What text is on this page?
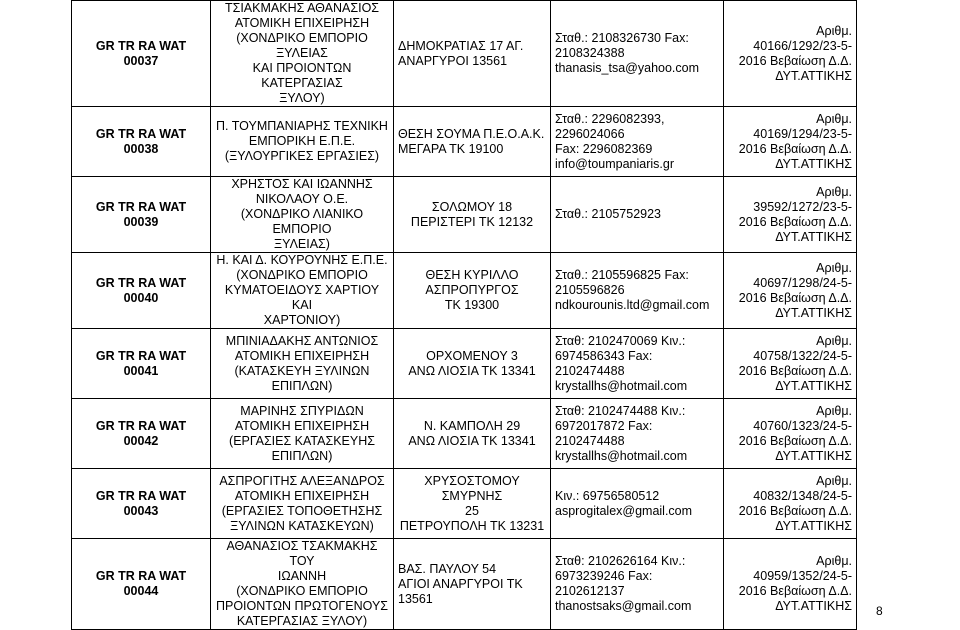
GR TR RA WAT
00037	ΤΣΙΑΚΜΑΚΗΣ ΑΘΑΝΑΣΙΟΣ
ΑΤΟΜΙΚΗ ΕΠΙΧΕΙΡΗΣΗ
(ΧΟΝΔΡΙΚΟ ΕΜΠΟΡΙΟ ΞΥΛΕΙΑΣ
ΚΑΙ ΠΡΟΙΟΝΤΩΝ ΚΑΤΕΡΓΑΣΙΑΣ
ΞΥΛΟΥ)	ΔΗΜΟΚΡΑΤΙΑΣ 17 ΑΓ.
ΑΝΑΡΓΥΡΟΙ 13561	Σταθ.: 2108326730 Fax:
2108324388
thanasis_tsa@yahoo.com	Αριθμ.
40166/1292/23-5-
2016 Βεβαίωση Δ.Δ.
ΔΥΤ.ΑΤΤΙΚΗΣ
GR TR RA WAT
00038	Π. ΤΟΥΜΠΑΝΙΑΡΗΣ ΤΕΧΝΙΚΗ
ΕΜΠΟΡΙΚΗ Ε.Π.Ε.
(ΞΥΛΟΥΡΓΙΚΕΣ ΕΡΓΑΣΙΕΣ)	ΘΕΣΗ ΣΟΥΜΑ Π.Ε.Ο.Α.Κ.
ΜΕΓΑΡΑ ΤΚ 19100	Σταθ.: 2296082393, 2296024066
Fax: 2296082369
info@toumpaniaris.gr	Αριθμ.
40169/1294/23-5-
2016 Βεβαίωση Δ.Δ.
ΔΥΤ.ΑΤΤΙΚΗΣ
GR TR RA WAT
00039	ΧΡΗΣΤΟΣ ΚΑΙ ΙΩΑΝΝΗΣ
ΝΙΚΟΛΑΟΥ Ο.Ε.
(ΧΟΝΔΡΙΚΟ ΛΙΑΝΙΚΟ ΕΜΠΟΡΙΟ
ΞΥΛΕΙΑΣ)	ΣΟΛΩΜΟΥ 18
ΠΕΡΙΣΤΕΡΙ ΤΚ 12132	Σταθ.: 2105752923	Αριθμ.
39592/1272/23-5-
2016 Βεβαίωση Δ.Δ.
ΔΥΤ.ΑΤΤΙΚΗΣ
GR TR RA WAT
00040	Η. ΚΑΙ Δ. ΚΟΥΡΟΥΝΗΣ Ε.Π.Ε.
(ΧΟΝΔΡΙΚΟ ΕΜΠΟΡΙΟ
ΚΥΜΑΤΟΕΙΔΟΥΣ ΧΑΡΤΙΟΥ ΚΑΙ
ΧΑΡΤΟΝΙΟΥ)	ΘΕΣΗ ΚΥΡΙΛΛΟ
ΑΣΠΡΟΠΥΡΓΟΣ
ΤΚ 19300	Σταθ.: 2105596825 Fax:
2105596826
ndkourounis.ltd@gmail.com	Αριθμ.
40697/1298/24-5-
2016 Βεβαίωση Δ.Δ.
ΔΥΤ.ΑΤΤΙΚΗΣ
GR TR RA WAT
00041	ΜΠΙΝΙΑΔΑΚΗΣ ΑΝΤΩΝΙΟΣ
ΑΤΟΜΙΚΗ ΕΠΙΧΕΙΡΗΣΗ
(ΚΑΤΑΣΚΕΥΗ ΞΥΛΙΝΩΝ
ΕΠΙΠΛΩΝ)	ΟΡΧΟΜΕΝΟΥ 3
ΑΝΩ ΛΙΟΣΙΑ ΤΚ 13341	Σταθ: 2102470069 Κιν.:
6974586343 Fax:
2102474488
krystallhs@hotmail.com	Αριθμ.
40758/1322/24-5-
2016 Βεβαίωση Δ.Δ.
ΔΥΤ.ΑΤΤΙΚΗΣ
GR TR RA WAT
00042	ΜΑΡΙΝΗΣ ΣΠΥΡΙΔΩΝ
ΑΤΟΜΙΚΗ ΕΠΙΧΕΙΡΗΣΗ
(ΕΡΓΑΣΙΕΣ ΚΑΤΑΣΚΕΥΗΣ
ΕΠΙΠΛΩΝ)	Ν. ΚΑΜΠΟΛΗ 29
ΑΝΩ ΛΙΟΣΙΑ ΤΚ 13341	Σταθ: 2102474488 Κιν.:
6972017872 Fax:
2102474488
krystallhs@hotmail.com	Αριθμ.
40760/1323/24-5-
2016 Βεβαίωση Δ.Δ.
ΔΥΤ.ΑΤΤΙΚΗΣ
GR TR RA WAT
00043	ΑΣΠΡΟΓΙΤΗΣ ΑΛΕΞΑΝΔΡΟΣ
ΑΤΟΜΙΚΗ ΕΠΙΧΕΙΡΗΣΗ
(ΕΡΓΑΣΙΕΣ ΤΟΠΟΘΕΤΗΣΗΣ
ΞΥΛΙΝΩΝ ΚΑΤΑΣΚΕΥΩΝ)	ΧΡΥΣΟΣΤΟΜΟΥ ΣΜΥΡΝΗΣ
25
ΠΕΤΡΟΥΠΟΛΗ ΤΚ 13231	Κιν.: 69756580512
asprogitalex@gmail.com	Αριθμ.
40832/1348/24-5-
2016 Βεβαίωση Δ.Δ.
ΔΥΤ.ΑΤΤΙΚΗΣ
GR TR RA WAT
00044	ΑΘΑΝΑΣΙΟΣ ΤΣΑΚΜΑΚΗΣ ΤΟΥ
ΙΩΑΝΝΗ
(ΧΟΝΔΡΙΚΟ ΕΜΠΟΡΙΟ
ΠΡΟΙΟΝΤΩΝ ΠΡΩΤΟΓΕΝΟΥΣ
ΚΑΤΕΡΓΑΣΙΑΣ ΞΥΛΟΥ)	ΒΑΣ. ΠΑΥΛΟΥ 54
ΑΓΙΟΙ ΑΝΑΡΓΥΡΟΙ ΤΚ
13561	Σταθ: 2102626164 Κιν.:
6973239246 Fax:
2102612137
thanostsaks@gmail.com	Αριθμ.
40959/1352/24-5-
2016 Βεβαίωση Δ.Δ.
ΔΥΤ.ΑΤΤΙΚΗΣ 8
